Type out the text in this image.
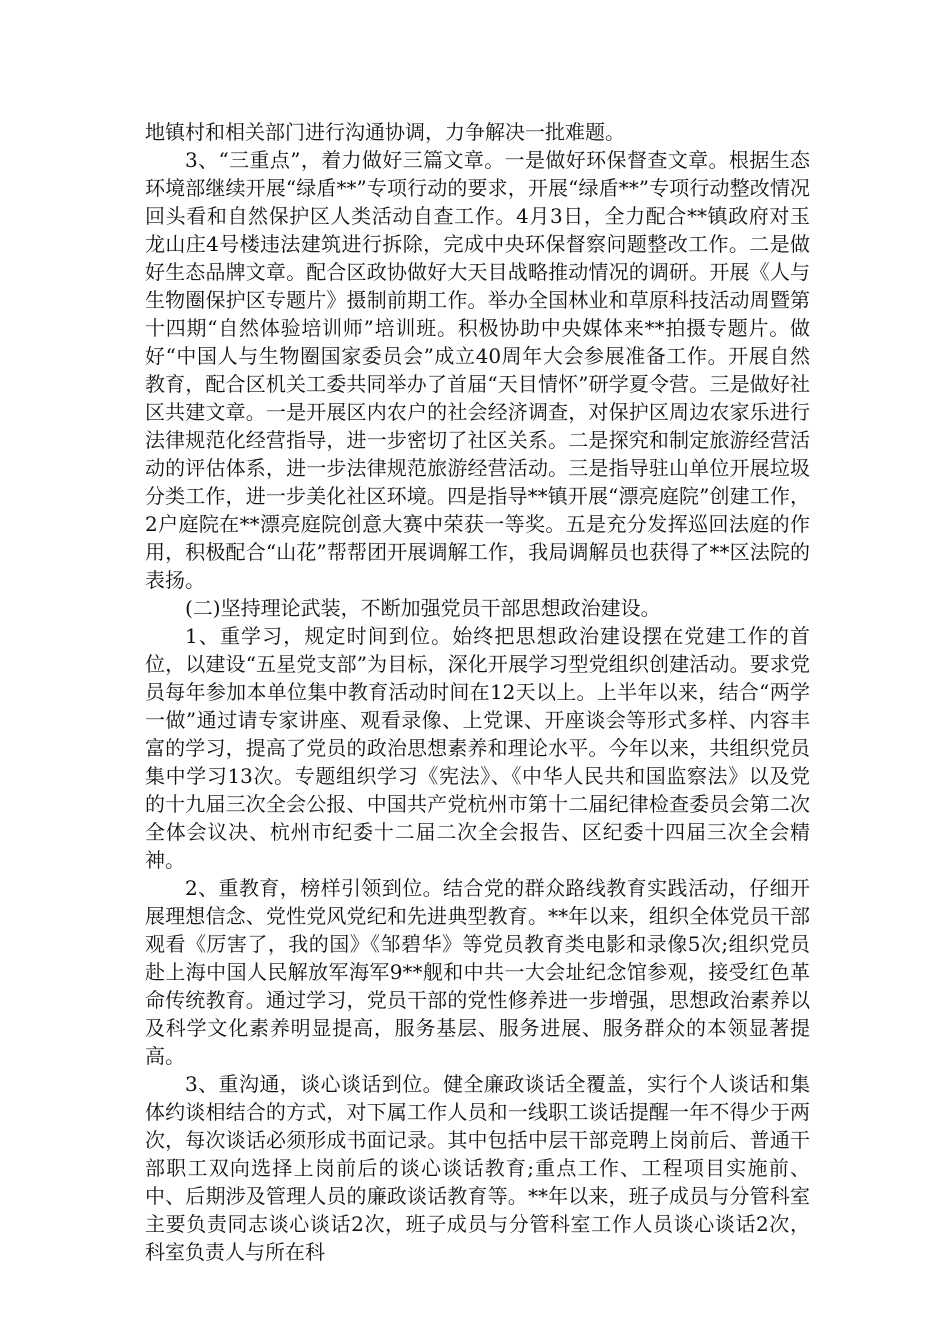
地镇村和相关部门进行沟通协调，力争解决一批难题。

3、“三重点”，着力做好三篇文章。一是做好环保督查文章。根据生态环境部继续开展“绿盾**”专项行动的要求，开展“绿盾**”专项行动整改情况回头看和自然保护区人类活动自查工作。4月3日，全力配合**镇政府对玉龙山庄4号楼违法建筑进行拆除，完成中央环保督察问题整改工作。二是做好生态品牌文章。配合区政协做好大天目战略推动情况的调研。开展《人与生物圈保护区专题片》摄制前期工作。举办全国林业和草原科技活动周暨第十四期“自然体验培训师”培训班。积极协助中央媒体来**拍摄专题片。做好“中国人与生物圈国家委员会”成立40周年大会参展准备工作。开展自然教育，配合区机关工委共同举办了首届“天目情怀”研学夏令营。三是做好社区共建文章。一是开展区内农户的社会经济调查，对保护区周边农家乐进行法律规范化经营指导，进一步密切了社区关系。二是探究和制定旅游经营活动的评估体系，进一步法律规范旅游经营活动。三是指导驻山单位开展垃圾分类工作，进一步美化社区环境。四是指导**镇开展“漂亮庭院”创建工作，2户庭院在**漂亮庭院创意大赛中荣获一等奖。五是充分发挥巡回法庭的作用，积极配合“山花”帮帮团开展调解工作，我局调解员也获得了**区法院的表扬。

(二)坚持理论武装，不断加强党员干部思想政治建设。

1、重学习，规定时间到位。始终把思想政治建设摆在党建工作的首位，以建设“五星党支部”为目标，深化开展学习型党组织创建活动。要求党员每年参加本单位集中教育活动时间在12天以上。上半年以来，结合“两学一做”通过请专家讲座、观看录像、上党课、开座谈会等形式多样、内容丰富的学习，提高了党员的政治思想素养和理论水平。今年以来，共组织党员集中学习13次。专题组织学习《宪法》、《中华人民共和国监察法》以及党的十九届三次全会公报、中国共产党杭州市第十二届纪律检查委员会第二次全体会议决、杭州市纪委十二届二次全会报告、区纪委十四届三次全会精神。

2、重教育，榜样引领到位。结合党的群众路线教育实践活动，仔细开展理想信念、党性党风党纪和先进典型教育。**年以来，组织全体党员干部观看《厉害了，我的国》《邹碧华》等党员教育类电影和录像5次;组织党员赴上海中国人民解放军海军9**舰和中共一大会址纪念馆参观，接受红色革命传统教育。通过学习，党员干部的党性修养进一步增强，思想政治素养以及科学文化素养明显提高，服务基层、服务进展、服务群众的本领显著提高。

3、重沟通，谈心谈话到位。健全廉政谈话全覆盖，实行个人谈话和集体约谈相结合的方式，对下属工作人员和一线职工谈话提醒一年不得少于两次，每次谈话必须形成书面记录。其中包括中层干部竞聘上岗前后、普通干部职工双向选择上岗前后的谈心谈话教育;重点工作、工程项目实施前、中、后期涉及管理人员的廉政谈话教育等。**年以来，班子成员与分管科室主要负责同志谈心谈话2次，班子成员与分管科室工作人员谈心谈话2次，科室负责人与所在科
